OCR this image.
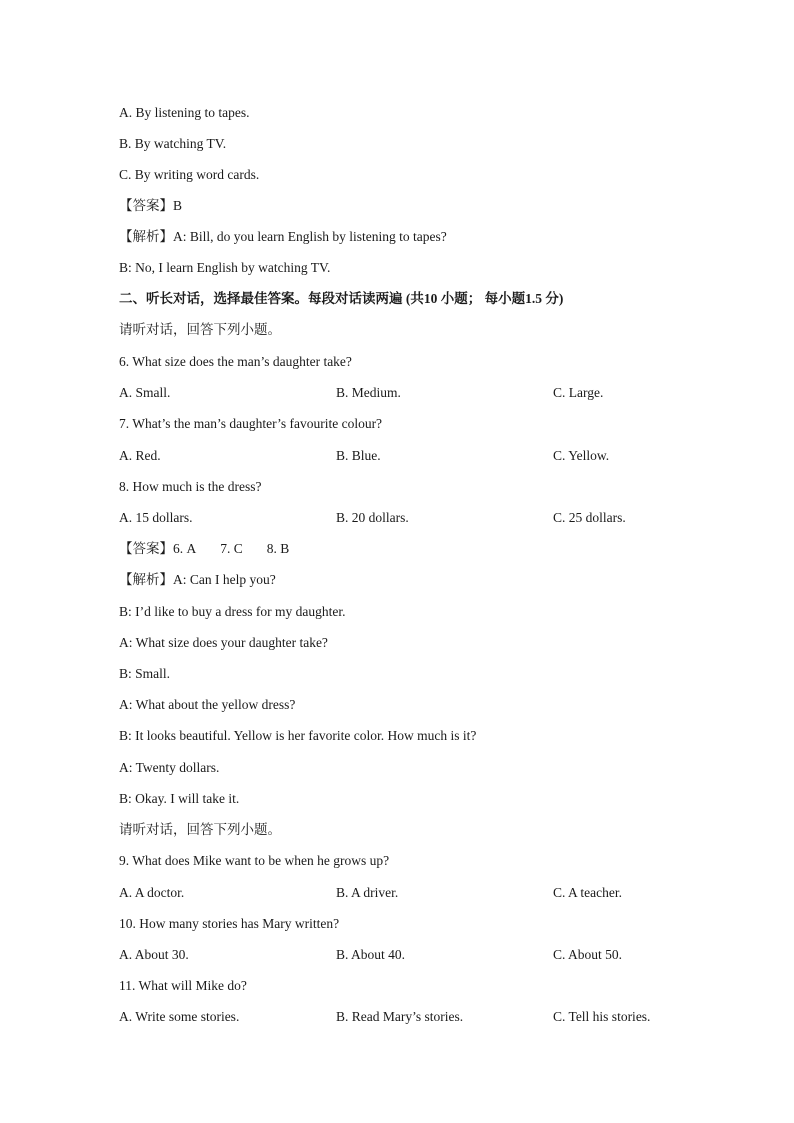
A. By listening to tapes.
B. By watching TV.
C. By writing word cards.
【答案】B
【解析】A: Bill, do you learn English by listening to tapes?
B: No, I learn English by watching TV.
二、听长对话，选择最佳答案。每段对话读两遍 (共10 小题； 每小题1.5 分)
请听对话，回答下列小题。
6. What size does the man’s daughter take?
A. Small.	B. Medium.	C. Large.
7. What’s the man’s daughter’s favourite colour?
A. Red.	B. Blue.	C. Yellow.
8. How much is the dress?
A. 15 dollars.	B. 20 dollars.	C. 25 dollars.
【答案】6. A 7. C 8. B
【解析】A: Can I help you?
B: I’d like to buy a dress for my daughter.
A: What size does your daughter take?
B: Small.
A: What about the yellow dress?
B: It looks beautiful. Yellow is her favorite color. How much is it?
A: Twenty dollars.
B: Okay. I will take it.
请听对话，回答下列小题。
9. What does Mike want to be when he grows up?
A. A doctor.	B. A driver.	C. A teacher.
10. How many stories has Mary written?
A. About 30.	B. About 40.	C. About 50.
11. What will Mike do?
A. Write some stories.	B. Read Mary’s stories.	C. Tell his stories.
